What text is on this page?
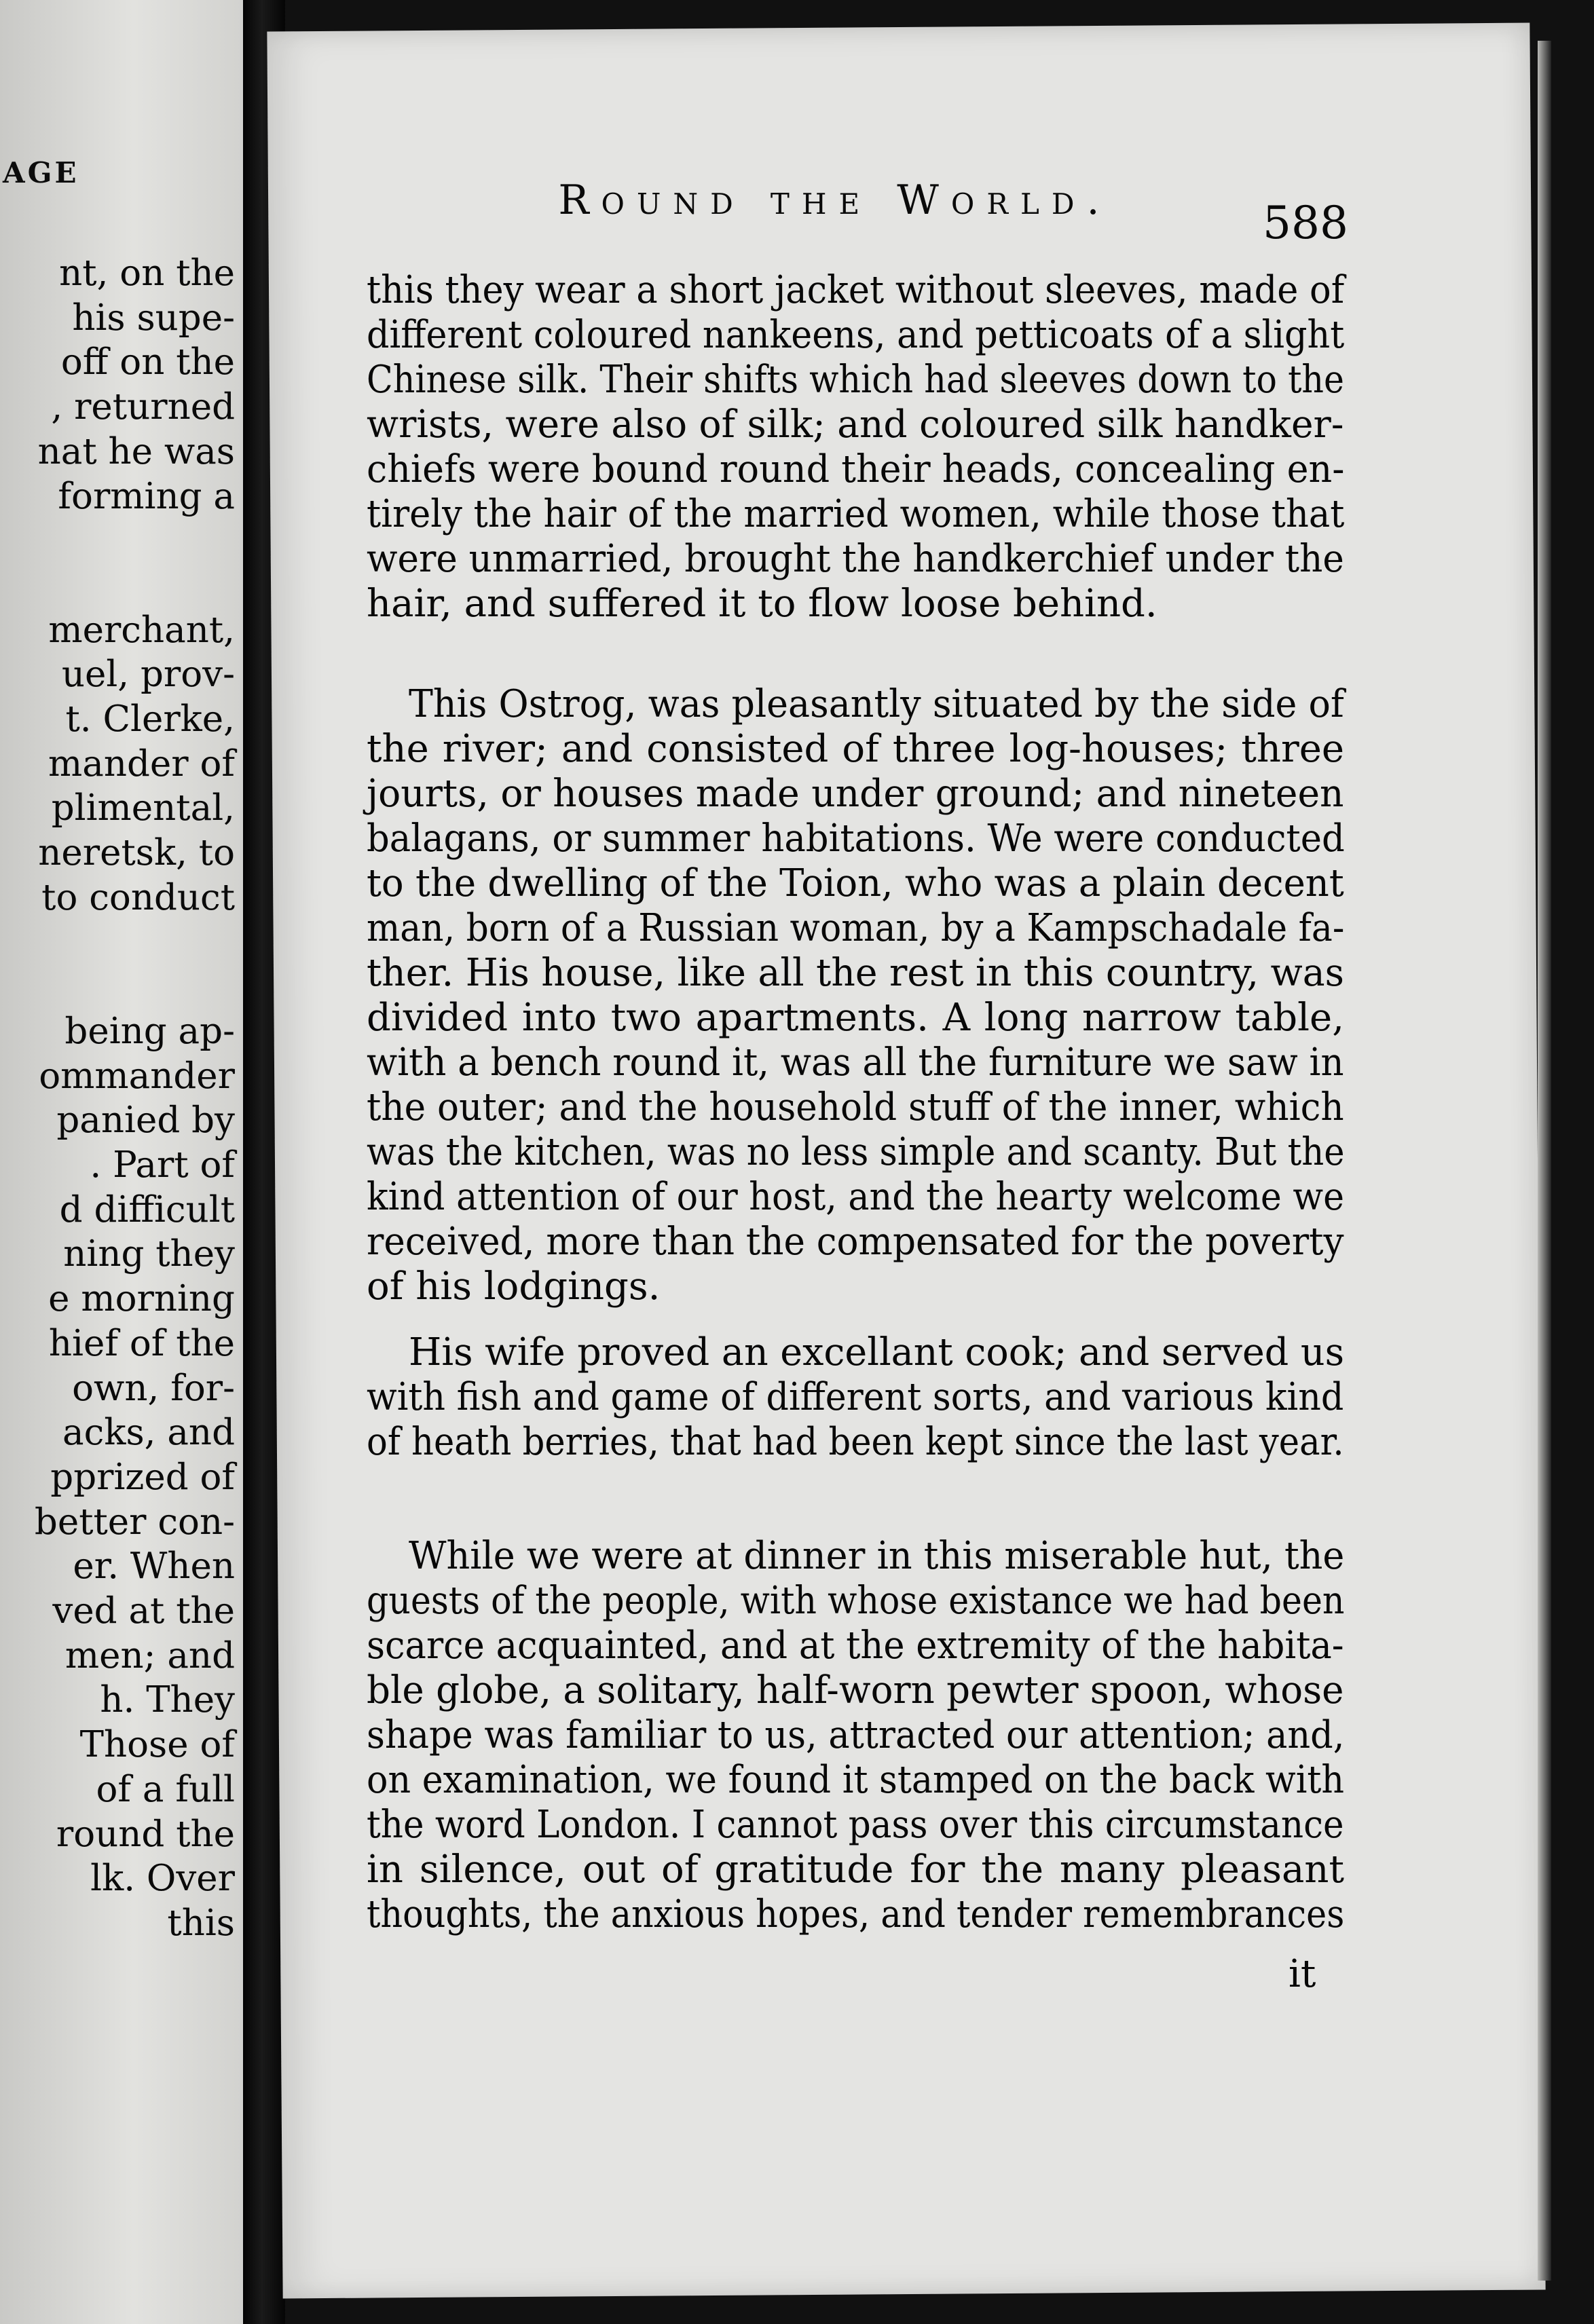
AGE
nt, on the
his supe-
off on the
, returned
nat he was
forming a
merchant,
uel, prov-
t. Clerke,
mander of
plimental,
neretsk, to
to conduct
being ap-
ommander
panied by
. Part of
d difficult
ning they
e morning
hief of the
own, for-
acks, and
pprized of
better con-
er. When
ved at the
men; and
h. They
Those of
of a full
round the
lk. Over
this
Round the World.	588
this they wear a short jacket without sleeves, made of
different coloured nankeens, and petticoats of a slight
Chinese silk. Their shifts which had sleeves down to the
wrists, were also of silk; and coloured silk handker-
chiefs were bound round their heads, concealing en-
tirely the hair of the married women, while those that
were unmarried, brought the handkerchief under the
hair, and suffered it to flow loose behind.
This Ostrog, was pleasantly situated by the side of
the river; and consisted of three log-houses; three
jourts, or houses made under ground; and nineteen
balagans, or summer habitations. We were conducted
to the dwelling of the Toion, who was a plain decent
man, born of a Russian woman, by a Kampschadale fa-
ther. His house, like all the rest in this country, was
divided into two apartments. A long narrow table,
with a bench round it, was all the furniture we saw in
the outer; and the household stuff of the inner, which
was the kitchen, was no less simple and scanty. But the
kind attention of our host, and the hearty welcome we
received, more than the compensated for the poverty
of his lodgings.
His wife proved an excellant cook; and served us
with fish and game of different sorts, and various kind
of heath berries, that had been kept since the last year.
While we were at dinner in this miserable hut, the
guests of the people, with whose existance we had been
scarce acquainted, and at the extremity of the habita-
ble globe, a solitary, half-worn pewter spoon, whose
shape was familiar to us, attracted our attention; and,
on examination, we found it stamped on the back with
the word London. I cannot pass over this circumstance
in silence, out of gratitude for the many pleasant
thoughts, the anxious hopes, and tender remembrances
it
